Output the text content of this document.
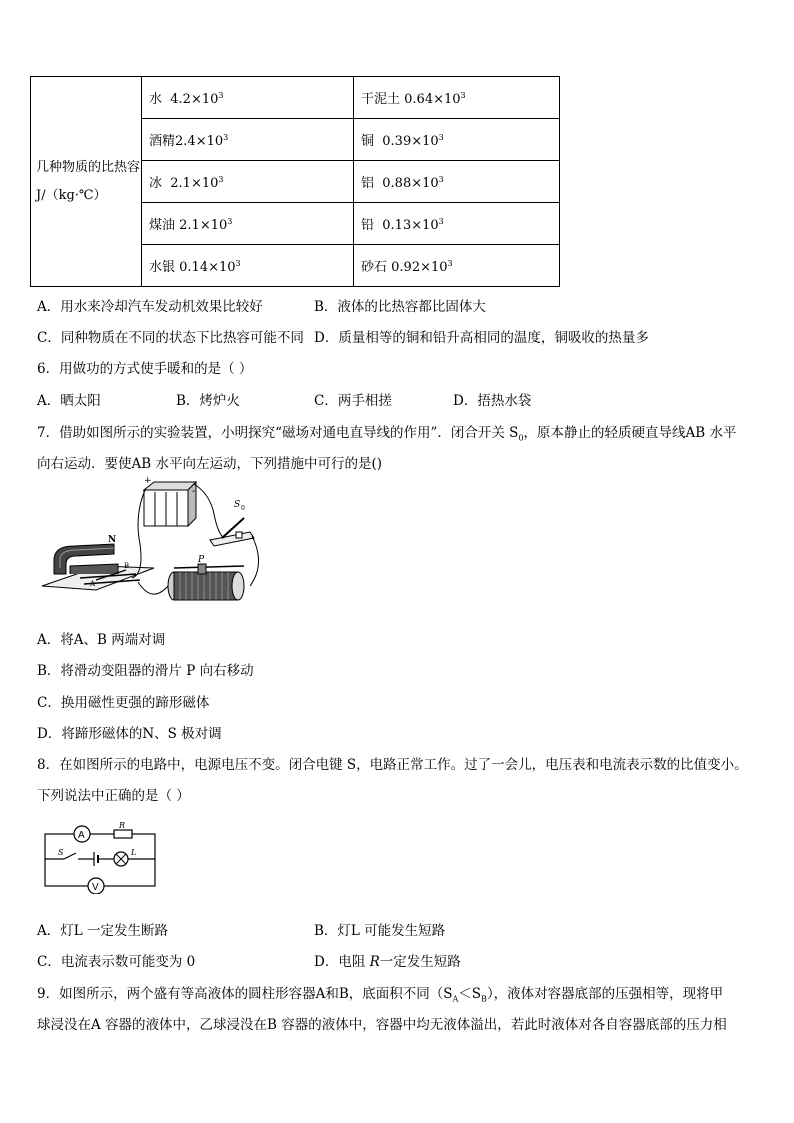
几种物质的比热容 J/（kg·℃）	水 $4.2\times 10^3$	干泥土 $0.64\times 10^3$
	酒精$2.4\times 10^3$	铜 $0.39\times 10^3$
	冰 $2.1\times 10^3$	铝 $0.88\times 10^3$
	煤油 $2.1\times 10^3$	铅 $0.13\times 10^3$
	水银 $0.14\times 10^3$	砂石 $0.92\times 10^3$
A．用水来冷却汽车发动机效果比较好	B．液体的比热容都比固体大
C．同种物质在不同的状态下比热容可能不同 D．质量相等的铜和铅升高相同的温度，铜吸收的热量多
6．用做功的方式使手暖和的是（ ）
A．晒太阳	B．烤炉火	C．两手相搓	D．捂热水袋
7．借助如图所示的实验装置，小明探究“磁场对通电直导线的作用”．闭合开关 $S_0$，原本静止的轻质硬直导线AB 水平
向右运动．要使AB 水平向左运动，下列措施中可行的是()
+
-
S 0
N
P
A
B
A．将A、B 两端对调
B．将滑动变阻器的滑片 P 向右移动
C．换用磁性更强的蹄形磁体
D．将蹄形磁体的N、S 极对调
8．在如图所示的电路中，电源电压不变。闭合电键 S，电路正常工作。过了一会儿，电压表和电流表示数的比值变小。
下列说法中正确的是（ ）
A
R
S	L
V
A．灯L 一定发生断路	B．灯L 可能发生短路
C．电流表示数可能变为 0	D．电阻 R一定发生短路
9．如图所示，两个盛有等高液体的圆柱形容器A和B，底面积不同$(S_A<S_B)$，液体对容器底部的压强相等，现将甲
球浸没在A 容器的液体中，乙球浸没在B 容器的液体中，容器中均无液体溢出，若此时液体对各自容器底部的压力相
